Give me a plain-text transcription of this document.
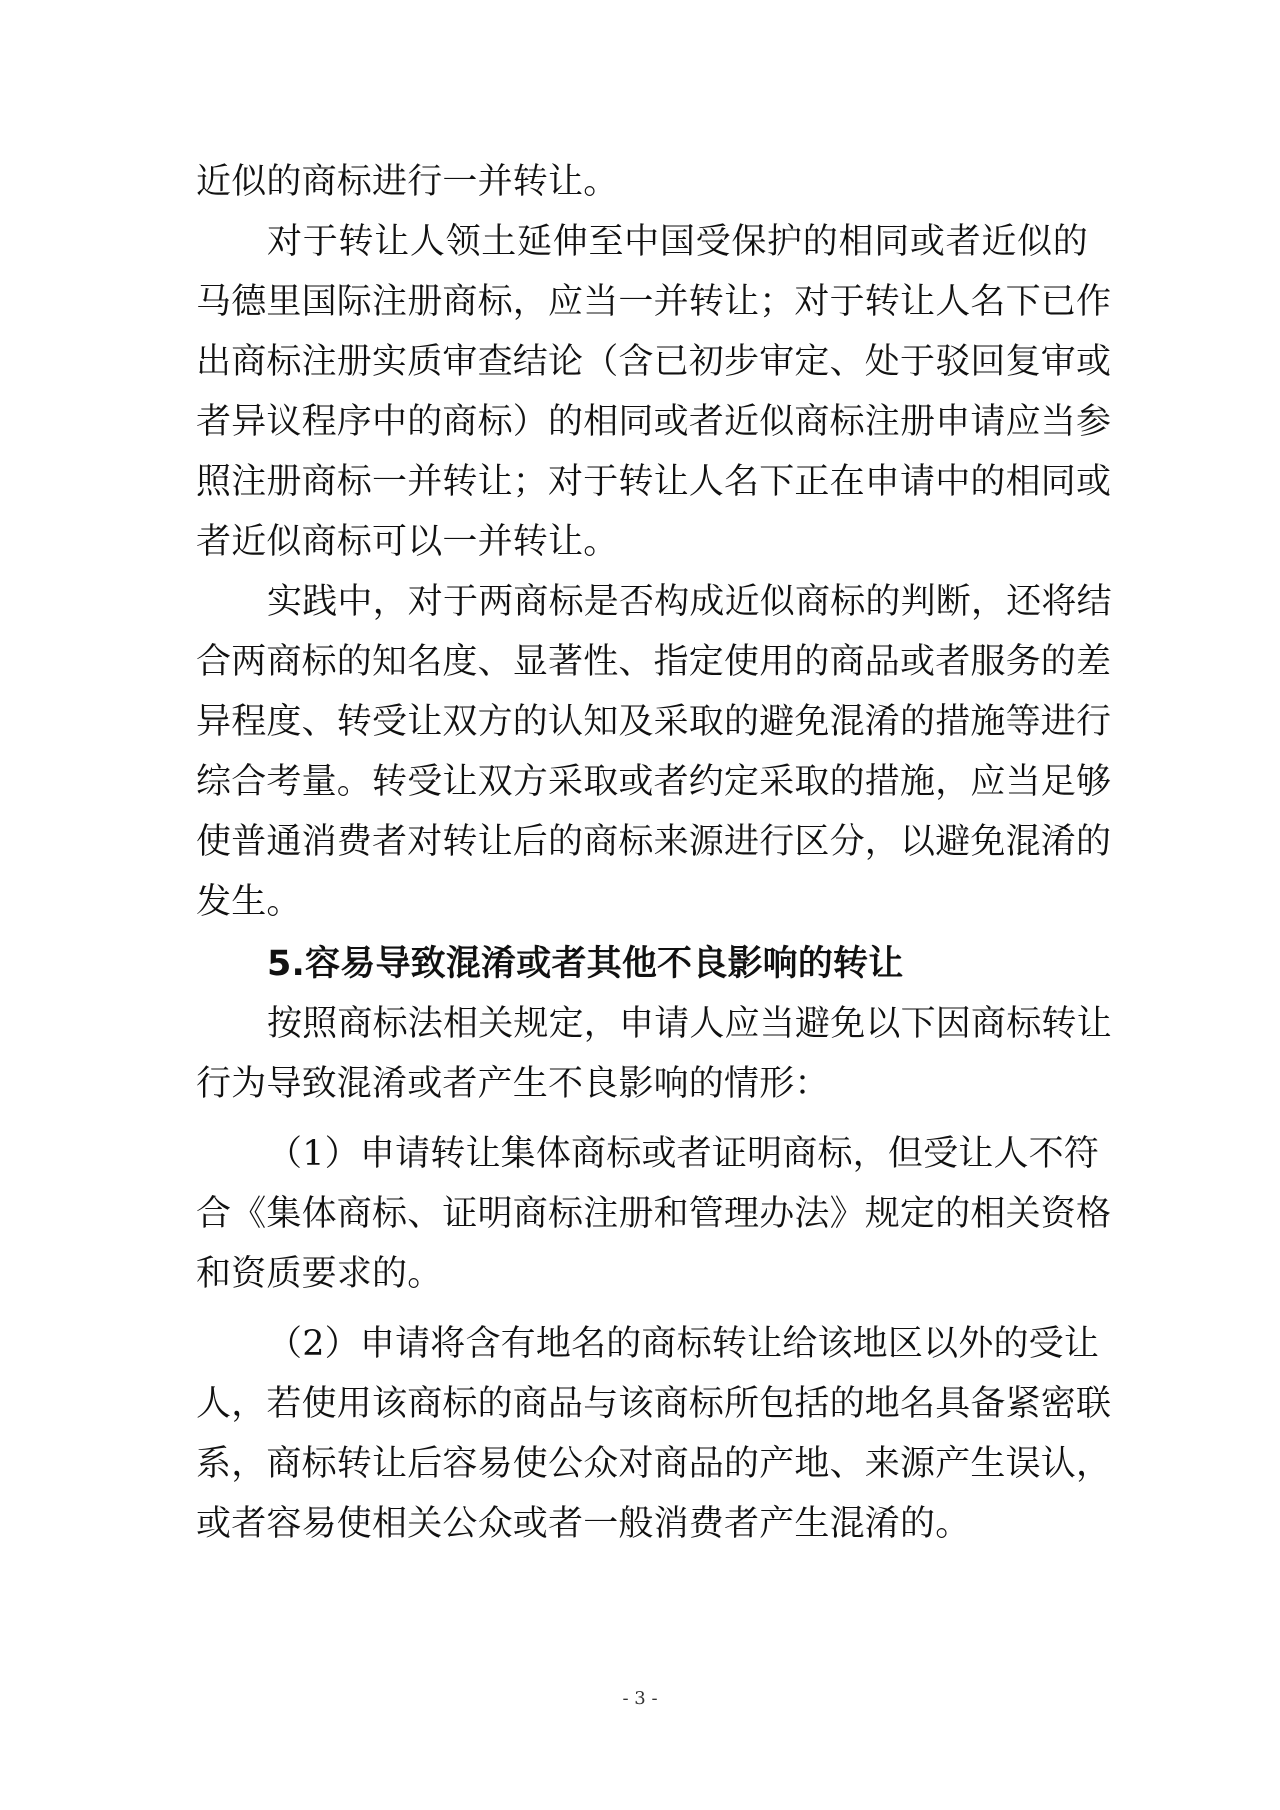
近似的商标进行一并转让。
对于转让人领土延伸至中国受保护的相同或者近似的
马德里国际注册商标，应当一并转让；对于转让人名下已作
出商标注册实质审查结论（含已初步审定、处于驳回复审或
者异议程序中的商标）的相同或者近似商标注册申请应当参
照注册商标一并转让；对于转让人名下正在申请中的相同或
者近似商标可以一并转让。
实践中，对于两商标是否构成近似商标的判断，还将结
合两商标的知名度、显著性、指定使用的商品或者服务的差
异程度、转受让双方的认知及采取的避免混淆的措施等进行
综合考量。转受让双方采取或者约定采取的措施，应当足够
使普通消费者对转让后的商标来源进行区分，以避免混淆的
发生。
5.容易导致混淆或者其他不良影响的转让
按照商标法相关规定，申请人应当避免以下因商标转让
行为导致混淆或者产生不良影响的情形：
（1）申请转让集体商标或者证明商标，但受让人不符
合《集体商标、证明商标注册和管理办法》规定的相关资格
和资质要求的。
（2）申请将含有地名的商标转让给该地区以外的受让
人，若使用该商标的商品与该商标所包括的地名具备紧密联
系，商标转让后容易使公众对商品的产地、来源产生误认，
或者容易使相关公众或者一般消费者产生混淆的。
- 3 -
